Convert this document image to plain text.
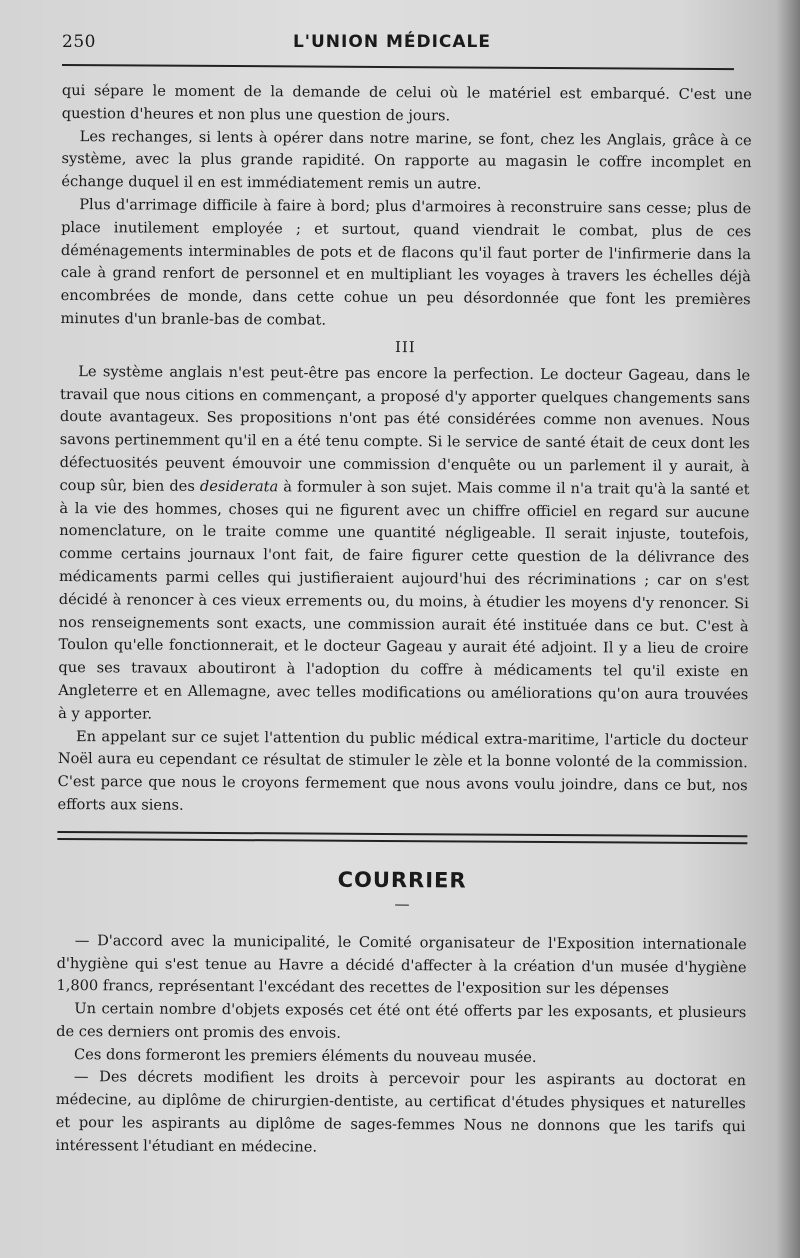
250	L'UNION MÉDICALE

qui sépare le moment de la demande de celui où le matériel est embarqué. C'est une question d'heures et non plus une question de jours.

Les rechanges, si lents à opérer dans notre marine, se font, chez les Anglais, grâce à ce système, avec la plus grande rapidité. On rapporte au magasin le coffre incomplet en échange duquel il en est immédiatement remis un autre.

Plus d'arrimage difficile à faire à bord; plus d'armoires à reconstruire sans cesse; plus de place inutilement employée ; et surtout, quand viendrait le combat, plus de ces déménagements interminables de pots et de flacons qu'il faut porter de l'infirmerie dans la cale à grand renfort de personnel et en multipliant les voyages à travers les échelles déjà encombrées de monde, dans cette cohue un peu désordonnée que font les premières minutes d'un branle-bas de combat.

III

Le système anglais n'est peut-être pas encore la perfection. Le docteur Gageau, dans le travail que nous citions en commençant, a proposé d'y apporter quelques changements sans doute avantageux. Ses propositions n'ont pas été considérées comme non avenues. Nous savons pertinemment qu'il en a été tenu compte. Si le service de santé était de ceux dont les défectuosités peuvent émouvoir une commission d'enquête ou un parlement il y aurait, à coup sûr, bien des desiderata à formuler à son sujet. Mais comme il n'a trait qu'à la santé et à la vie des hommes, choses qui ne figurent avec un chiffre officiel en regard sur aucune nomenclature, on le traite comme une quantité négligeable. Il serait injuste, toutefois, comme certains journaux l'ont fait, de faire figurer cette question de la délivrance des médicaments parmi celles qui justifieraient aujourd'hui des récriminations ; car on s'est décidé à renoncer à ces vieux errements ou, du moins, à étudier les moyens d'y renoncer. Si nos renseignements sont exacts, une commission aurait été instituée dans ce but. C'est à Toulon qu'elle fonctionnerait, et le docteur Gageau y aurait été adjoint. Il y a lieu de croire que ses travaux aboutiront à l'adoption du coffre à médicaments tel qu'il existe en Angleterre et en Allemagne, avec telles modifications ou améliorations qu'on aura trouvées à y apporter.

En appelant sur ce sujet l'attention du public médical extra-maritime, l'article du docteur Noël aura eu cependant ce résultat de stimuler le zèle et la bonne volonté de la commission. C'est parce que nous le croyons fermement que nous avons voulu joindre, dans ce but, nos efforts aux siens.

COURRIER
—

— D'accord avec la municipalité, le Comité organisateur de l'Exposition internationale d'hygiène qui s'est tenue au Havre a décidé d'affecter à la création d'un musée d'hygiène 1,800 francs, représentant l'excédant des recettes de l'exposition sur les dépenses

Un certain nombre d'objets exposés cet été ont été offerts par les exposants, et plusieurs de ces derniers ont promis des envois.

Ces dons formeront les premiers éléments du nouveau musée.

— Des décrets modifient les droits à percevoir pour les aspirants au doctorat en médecine, au diplôme de chirurgien-dentiste, au certificat d'études physiques et naturelles et pour les aspirants au diplôme de sages-femmes Nous ne donnons que les tarifs qui intéressent l'étudiant en médecine.
